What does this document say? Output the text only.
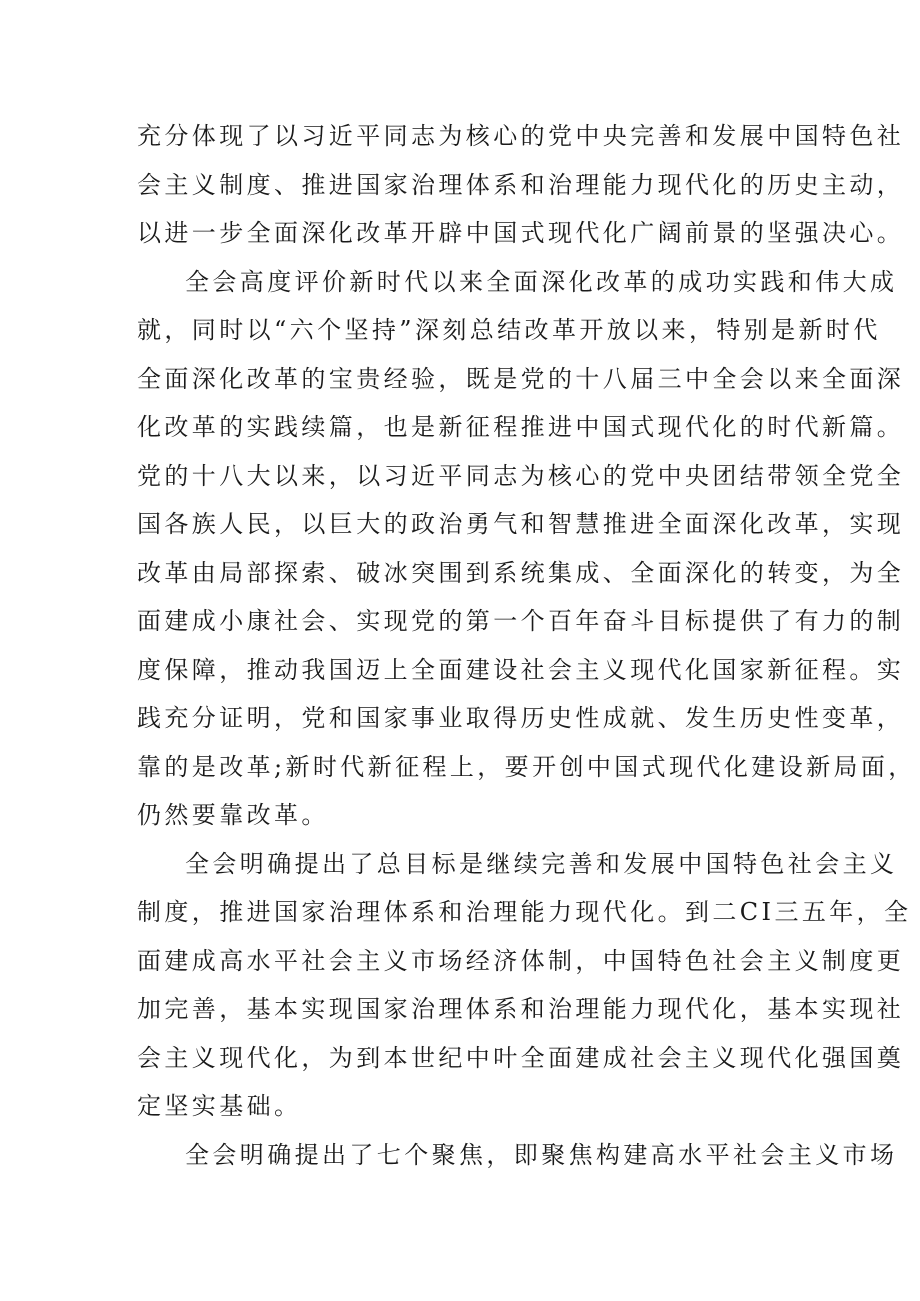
充分体现了以习近平同志为核心的党中央完善和发展中国特色社
会主义制度、推进国家治理体系和治理能力现代化的历史主动，
以进一步全面深化改革开辟中国式现代化广阔前景的坚强决心。
全会高度评价新时代以来全面深化改革的成功实践和伟大成
就，同时以“六个坚持”深刻总结改革开放以来，特别是新时代
全面深化改革的宝贵经验，既是党的十八届三中全会以来全面深
化改革的实践续篇，也是新征程推进中国式现代化的时代新篇。
党的十八大以来，以习近平同志为核心的党中央团结带领全党全
国各族人民，以巨大的政治勇气和智慧推进全面深化改革，实现
改革由局部探索、破冰突围到系统集成、全面深化的转变，为全
面建成小康社会、实现党的第一个百年奋斗目标提供了有力的制
度保障，推动我国迈上全面建设社会主义现代化国家新征程。实
践充分证明，党和国家事业取得历史性成就、发生历史性变革，
靠的是改革;新时代新征程上，要开创中国式现代化建设新局面，
仍然要靠改革。
全会明确提出了总目标是继续完善和发展中国特色社会主义
制度，推进国家治理体系和治理能力现代化。到二CI三五年，全
面建成高水平社会主义市场经济体制，中国特色社会主义制度更
加完善，基本实现国家治理体系和治理能力现代化，基本实现社
会主义现代化，为到本世纪中叶全面建成社会主义现代化强国奠
定坚实基础。
全会明确提出了七个聚焦，即聚焦构建高水平社会主义市场
